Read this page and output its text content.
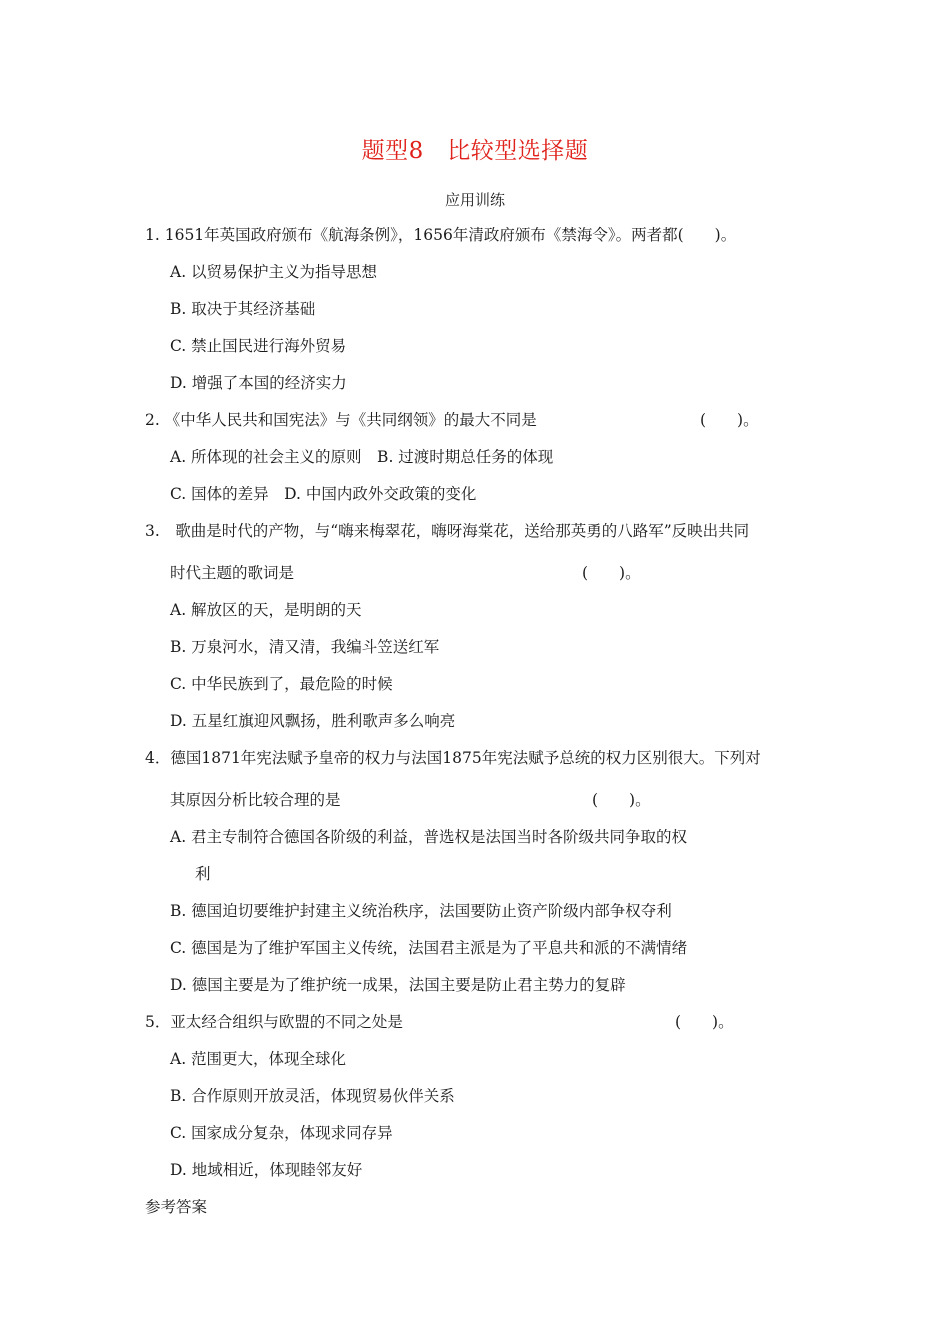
题型8　比较型选择题
应用训练
1. 1651年英国政府颁布《航海条例》，1656年清政府颁布《禁海令》。两者都(　　)。
A. 以贸易保护主义为指导思想
B. 取决于其经济基础
C. 禁止国民进行海外贸易
D. 增强了本国的经济实力
2. 《中华人民共和国宪法》与《共同纲领》的最大不同是	(　　)。
A. 所体现的社会主义的原则　B. 过渡时期总任务的体现
C. 国体的差异　D. 中国内政外交政策的变化
3.　歌曲是时代的产物，与“嗨来梅翠花，嗨呀海棠花，送给那英勇的八路军”反映出共同
时代主题的歌词是	(　　)。
A. 解放区的天，是明朗的天
B. 万泉河水，清又清，我编斗笠送红军
C. 中华民族到了，最危险的时候
D. 五星红旗迎风飘扬，胜利歌声多么响亮
4．德国1871年宪法赋予皇帝的权力与法国1875年宪法赋予总统的权力区别很大。下列对
其原因分析比较合理的是	(　　)。
A. 君主专制符合德国各阶级的利益，普选权是法国当时各阶级共同争取的权
利
B. 德国迫切要维护封建主义统治秩序，法国要防止资产阶级内部争权夺利
C. 德国是为了维护军国主义传统，法国君主派是为了平息共和派的不满情绪
D. 德国主要是为了维护统一成果，法国主要是防止君主势力的复辟
5．亚太经合组织与欧盟的不同之处是	(　　)。
A. 范围更大，体现全球化
B. 合作原则开放灵活，体现贸易伙伴关系
C. 国家成分复杂，体现求同存异
D. 地域相近，体现睦邻友好
参考答案
